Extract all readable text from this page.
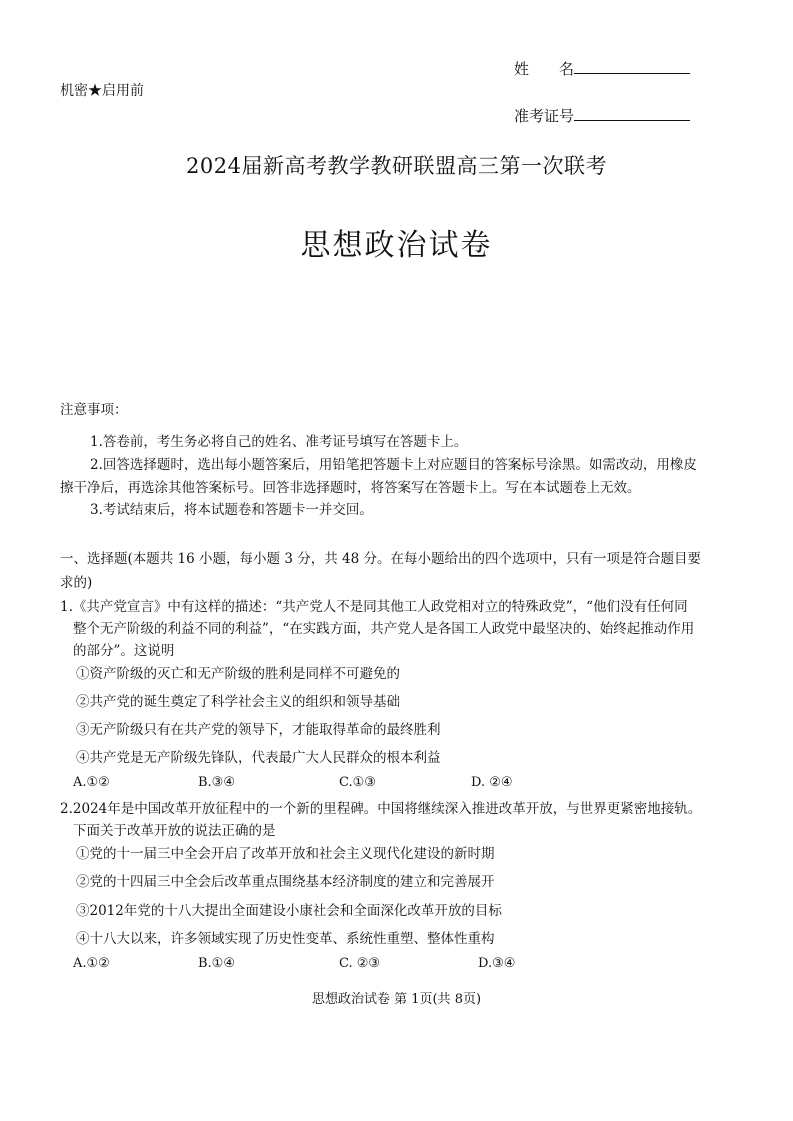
姓　　名
机密★启用前
准考证号
2024届新高考教学教研联盟高三第一次联考
思想政治试卷
注意事项：
1.答卷前，考生务必将自己的姓名、准考证号填写在答题卡上。
2.回答选择题时，选出每小题答案后，用铅笔把答题卡上对应题目的答案标号涂黑。如需改动，用橡皮
擦干净后，再选涂其他答案标号。回答非选择题时，将答案写在答题卡上。写在本试题卷上无效。
3.考试结束后，将本试题卷和答题卡一并交回。
一、选择题(本题共 16 小题，每小题 3 分，共 48 分。在每小题给出的四个选项中，只有一项是符合题目要
求的)
1.《共产党宣言》中有这样的描述：“共产党人不是同其他工人政党相对立的特殊政党”，“他们没有任何同
整个无产阶级的利益不同的利益”，“在实践方面，共产党人是各国工人政党中最坚决的、始终起推动作用
的部分”。这说明
①资产阶级的灭亡和无产阶级的胜利是同样不可避免的
②共产党的诞生奠定了科学社会主义的组织和领导基础
③无产阶级只有在共产党的领导下，才能取得革命的最终胜利
④共产党是无产阶级先锋队，代表最广大人民群众的根本利益
A.①②	B.③④	C.①③	D. ②④
2.2024年是中国改革开放征程中的一个新的里程碑。中国将继续深入推进改革开放，与世界更紧密地接轨。
下面关于改革开放的说法正确的是
①党的十一届三中全会开启了改革开放和社会主义现代化建设的新时期
②党的十四届三中全会后改革重点围绕基本经济制度的建立和完善展开
③2012年党的十八大提出全面建设小康社会和全面深化改革开放的目标
④十八大以来，许多领域实现了历史性变革、系统性重塑、整体性重构
A.①②	B.①④	C. ②③	D.③④
思想政治试卷 第 1页(共 8页)
